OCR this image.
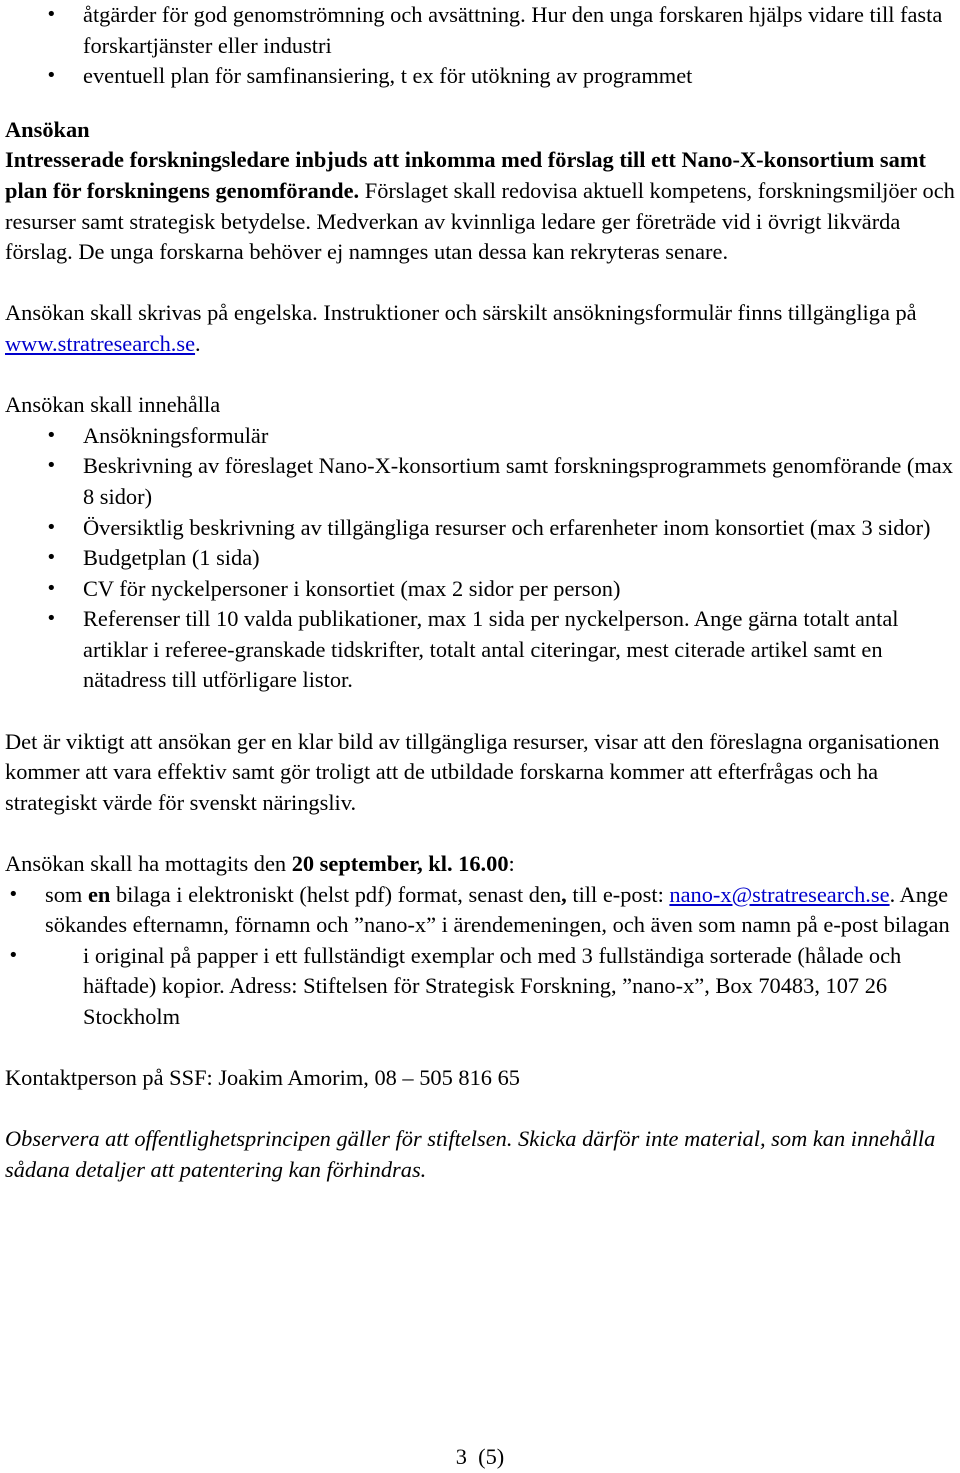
• åtgärder för god genomströmning och avsättning. Hur den unga forskaren hjälps vidare till fasta forskartjänster eller industri
• eventuell plan för samfinansiering, t ex för utökning av programmet

Ansökan

Intresserade forskningsledare inbjuds att inkomma med förslag till ett Nano-X-konsortium samt plan för forskningens genomförande. Förslaget skall redovisa aktuell kompetens, forskningsmiljöer och resurser samt strategisk betydelse. Medverkan av kvinnliga ledare ger företräde vid i övrigt likvärda förslag. De unga forskarna behöver ej namnges utan dessa kan rekryteras senare.

Ansökan skall skrivas på engelska. Instruktioner och särskilt ansökningsformulär finns tillgängliga på www.stratresearch.se.

Ansökan skall innehålla

• Ansökningsformulär
• Beskrivning av föreslaget Nano-X-konsortium samt forskningsprogrammets genomförande (max 8 sidor)
• Översiktlig beskrivning av tillgängliga resurser och erfarenheter inom konsortiet (max 3 sidor)
• Budgetplan (1 sida)
• CV för nyckelpersoner i konsortiet (max 2 sidor per person)
• Referenser till 10 valda publikationer, max 1 sida per nyckelperson. Ange gärna totalt antal artiklar i referee-granskade tidskrifter, totalt antal citeringar, mest citerade artikel samt en nätadress till utförligare listor.

Det är viktigt att ansökan ger en klar bild av tillgängliga resurser, visar att den föreslagna organisationen kommer att vara effektiv samt gör troligt att de utbildade forskarna kommer att efterfrågas och ha strategiskt värde för svenskt näringsliv.

Ansökan skall ha mottagits den 20 september, kl. 16.00:

• som en bilaga i elektroniskt (helst pdf) format, senast den, till e-post: nano-x@stratresearch.se. Ange sökandes efternamn, förnamn och ”nano-x” i ärendemeningen, och även som namn på e-post bilagan
• i original på papper i ett fullständigt exemplar och med 3 fullständiga sorterade (hålade och häftade) kopior. Adress: Stiftelsen för Strategisk Forskning, ”nano-x”, Box 70483, 107 26 Stockholm

Kontaktperson på SSF: Joakim Amorim, 08 – 505 816 65

Observera att offentlighetsprincipen gäller för stiftelsen. Skicka därför inte material, som kan innehålla sådana detaljer att patentering kan förhindras.

3 (5)
